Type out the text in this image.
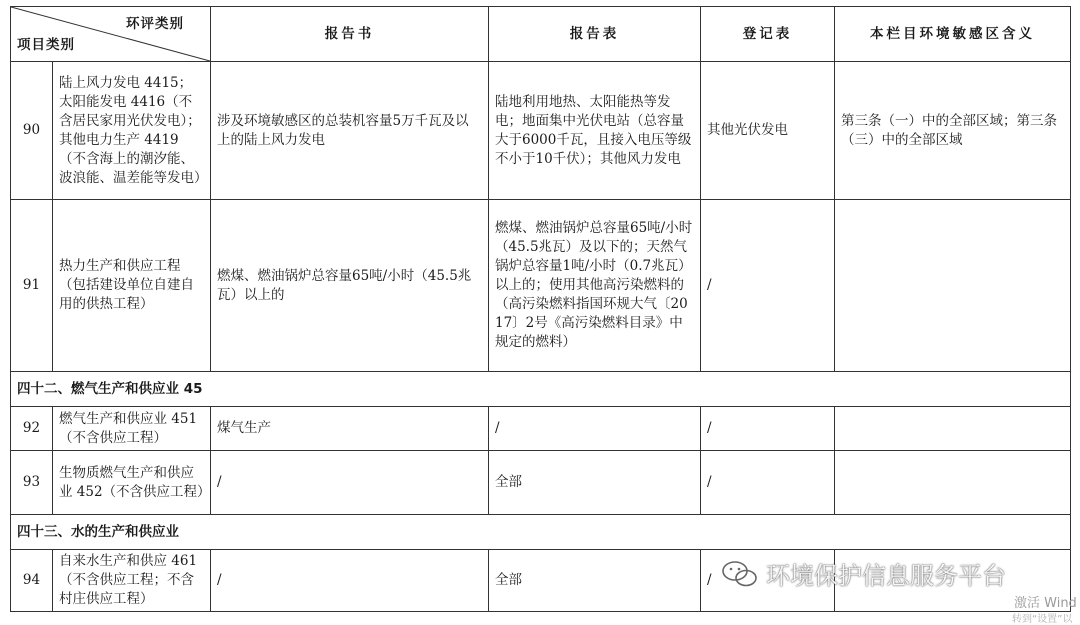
环评类别
项目类别		报告书	报告表	登记表	本栏目环境敏感区含义
90	陆上风力发电 4415；太阳能发电 4416（不含居民家用光伏发电）；其他电力生产 4419（不含海上的潮汐能、波浪能、温差能等发电）	涉及环境敏感区的总装机容量5万千瓦及以上的陆上风力发电	陆地利用地热、太阳能热等发电；地面集中光伏电站（总容量大于6000千瓦，且接入电压等级不小于10千伏）；其他风力发电	其他光伏发电	第三条（一）中的全部区域；第三条（三）中的全部区域
91	热力生产和供应工程（包括建设单位自建自用的供热工程）	燃煤、燃油锅炉总容量65吨/小时（45.5兆瓦）以上的	燃煤、燃油锅炉总容量65吨/小时（45.5兆瓦）及以下的；天然气锅炉总容量1吨/小时（0.7兆瓦）以上的；使用其他高污染燃料的（高污染燃料指国环规大气〔2017〕2号《高污染燃料目录》中规定的燃料）	/	
四十二、燃气生产和供应业 45					
92	燃气生产和供应业 451（不含供应工程）	煤气生产	/	/	
93	生物质燃气生产和供应业 452（不含供应工程）	/	全部	/	
四十三、水的生产和供应业					
94	自来水生产和供应 461（不含供应工程；不含村庄供应工程）	/	全部	/	环境保护信息服务平台
激活 Wind
转到“设置”以
